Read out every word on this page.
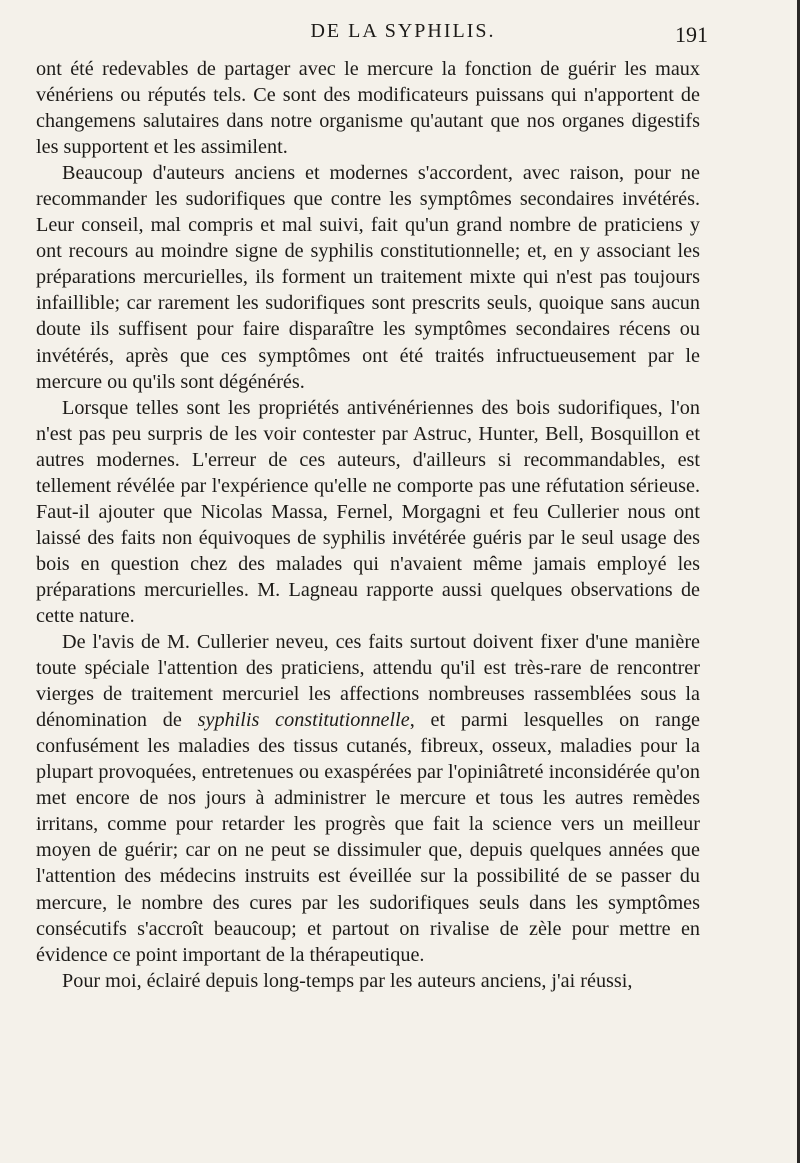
DE LA SYPHILIS.	191

ont été redevables de partager avec le mercure la fonction de guérir les maux vénériens ou réputés tels. Ce sont des modificateurs puissans qui n'apportent de changemens salutaires dans notre organisme qu'autant que nos organes digestifs les supportent et les assimilent.

Beaucoup d'auteurs anciens et modernes s'accordent, avec raison, pour ne recommander les sudorifiques que contre les symptômes secondaires invétérés. Leur conseil, mal compris et mal suivi, fait qu'un grand nombre de praticiens y ont recours au moindre signe de syphilis constitutionnelle; et, en y associant les préparations mercurielles, ils forment un traitement mixte qui n'est pas toujours infaillible; car rarement les sudorifiques sont prescrits seuls, quoique sans aucun doute ils suffisent pour faire disparaître les symptômes secondaires récens ou invétérés, après que ces symptômes ont été traités infructueusement par le mercure ou qu'ils sont dégénérés.

Lorsque telles sont les propriétés antivénériennes des bois sudorifiques, l'on n'est pas peu surpris de les voir contester par Astruc, Hunter, Bell, Bosquillon et autres modernes. L'erreur de ces auteurs, d'ailleurs si recommandables, est tellement révélée par l'expérience qu'elle ne comporte pas une réfutation sérieuse. Faut-il ajouter que Nicolas Massa, Fernel, Morgagni et feu Cullerier nous ont laissé des faits non équivoques de syphilis invétérée guéris par le seul usage des bois en question chez des malades qui n'avaient même jamais employé les préparations mercurielles. M. Lagneau rapporte aussi quelques observations de cette nature.

De l'avis de M. Cullerier neveu, ces faits surtout doivent fixer d'une manière toute spéciale l'attention des praticiens, attendu qu'il est très-rare de rencontrer vierges de traitement mercuriel les affections nombreuses rassemblées sous la dénomination de syphilis constitutionnelle, et parmi lesquelles on range confusément les maladies des tissus cutanés, fibreux, osseux, maladies pour la plupart provoquées, entretenues ou exaspérées par l'opiniâtreté inconsidérée qu'on met encore de nos jours à administrer le mercure et tous les autres remèdes irritans, comme pour retarder les progrès que fait la science vers un meilleur moyen de guérir; car on ne peut se dissimuler que, depuis quelques années que l'attention des médecins instruits est éveillée sur la possibilité de se passer du mercure, le nombre des cures par les sudorifiques seuls dans les symptômes consécutifs s'accroît beaucoup; et partout on rivalise de zèle pour mettre en évidence ce point important de la thérapeutique.

Pour moi, éclairé depuis long-temps par les auteurs anciens, j'ai réussi,
